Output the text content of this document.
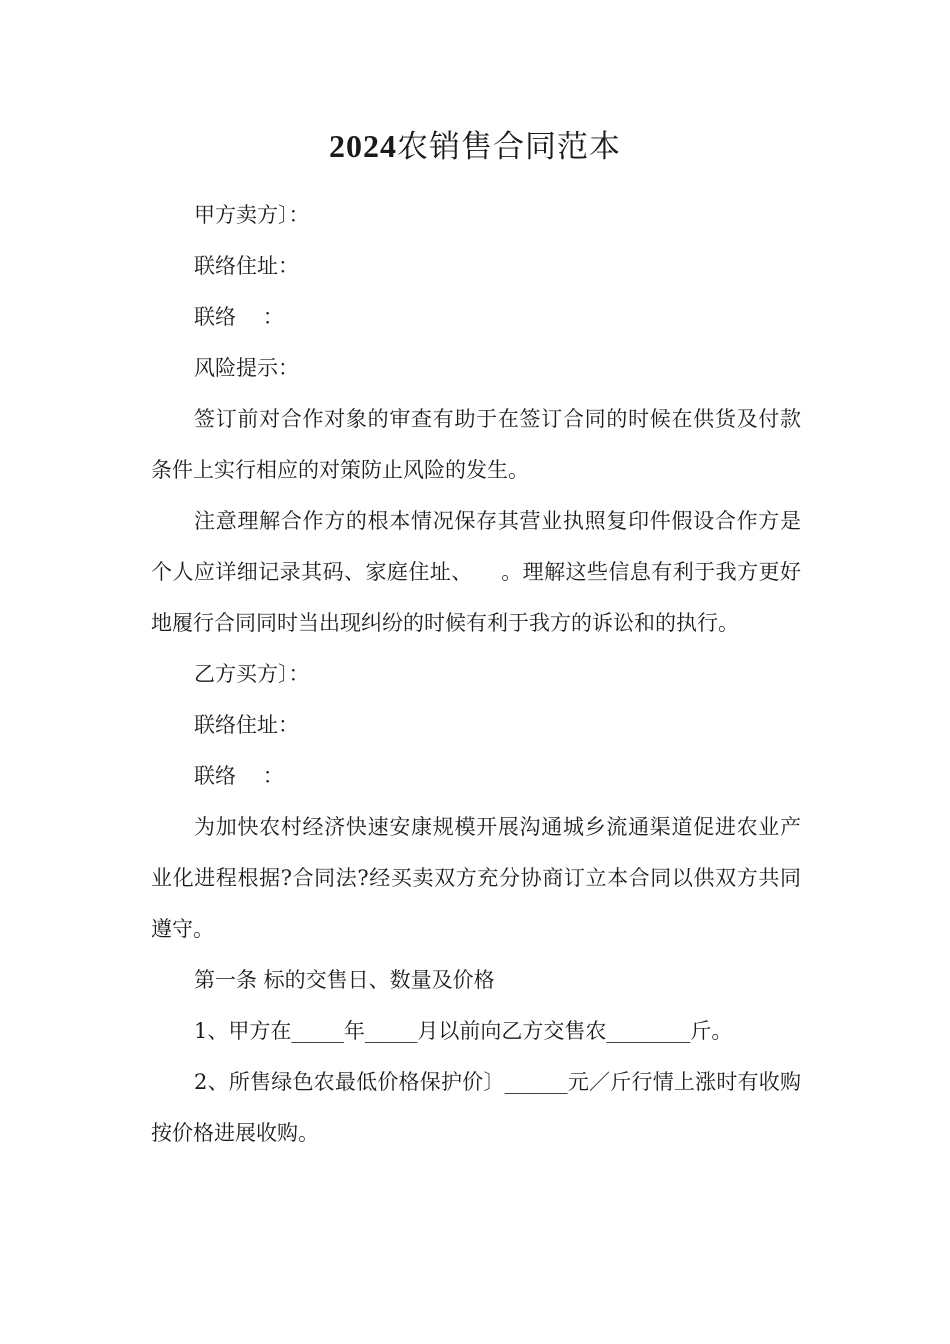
2024农销售合同范本

甲方卖方〕：

联络住址：

联络    ：

风险提示：

签订前对合作对象的审查有助于在签订合同的时候在供货及付款条件上实行相应的对策防止风险的发生。

注意理解合作方的根本情况保存其营业执照复印件假设合作方是个人应详细记录其码、家庭住址、    。理解这些信息有利于我方更好地履行合同同时当出现纠纷的时候有利于我方的诉讼和的执行。

乙方买方〕：

联络住址：

联络    ：

为加快农村经济快速安康规模开展沟通城乡流通渠道促进农业产业化进程根据?合同法?经买卖双方充分协商订立本合同以供双方共同遵守。

第一条 标的交售日、数量及价格

1、甲方在_____年_____月以前向乙方交售农________斤。

2、所售绿色农最低价格保护价〕______元／斤行情上涨时有收购按价格进展收购。
